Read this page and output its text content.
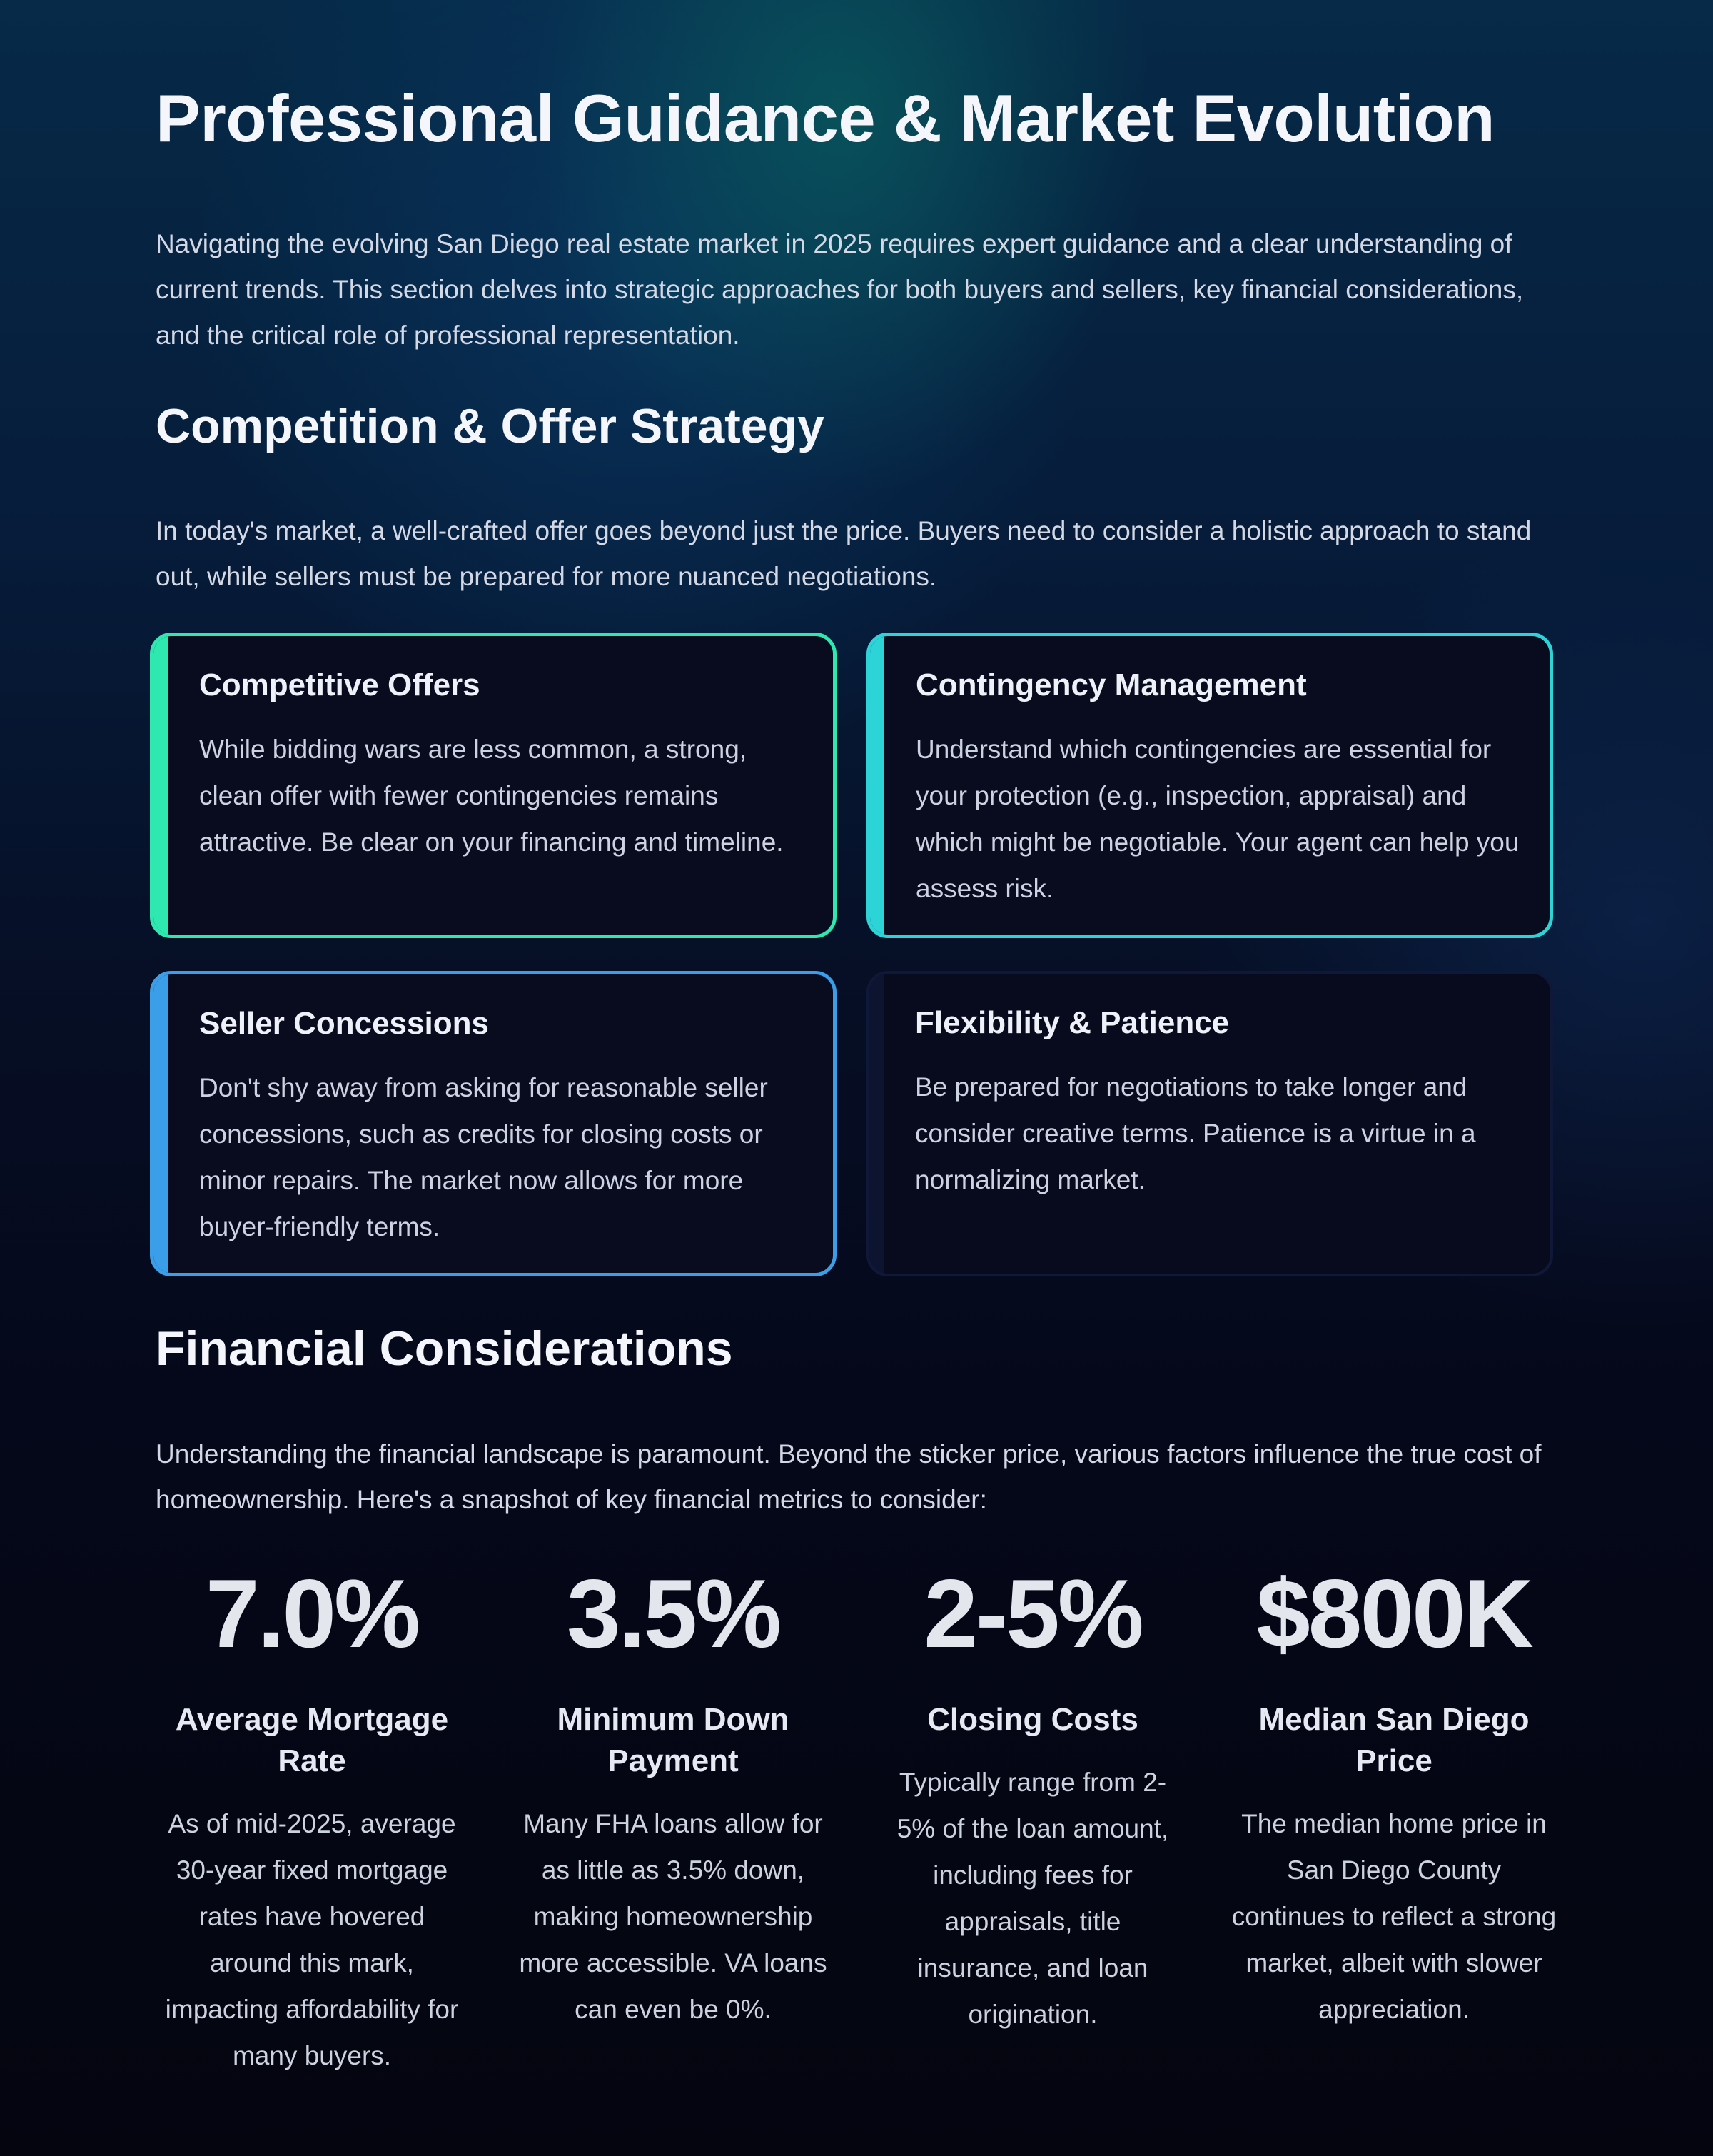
Professional Guidance & Market Evolution

Navigating the evolving San Diego real estate market in 2025 requires expert guidance and a clear understanding of current trends. This section delves into strategic approaches for both buyers and sellers, key financial considerations, and the critical role of professional representation.

Competition & Offer Strategy

In today's market, a well-crafted offer goes beyond just the price. Buyers need to consider a holistic approach to stand out, while sellers must be prepared for more nuanced negotiations.

Competitive Offers

While bidding wars are less common, a strong, clean offer with fewer contingencies remains attractive. Be clear on your financing and timeline.

Contingency Management

Understand which contingencies are essential for your protection (e.g., inspection, appraisal) and which might be negotiable. Your agent can help you assess risk.

Seller Concessions

Don't shy away from asking for reasonable seller concessions, such as credits for closing costs or minor repairs. The market now allows for more buyer-friendly terms.

Flexibility & Patience

Be prepared for negotiations to take longer and consider creative terms. Patience is a virtue in a normalizing market.

Financial Considerations

Understanding the financial landscape is paramount. Beyond the sticker price, various factors influence the true cost of homeownership. Here's a snapshot of key financial metrics to consider:

7.0%
Average Mortgage Rate
As of mid-2025, average 30-year fixed mortgage rates have hovered around this mark, impacting affordability for many buyers.
3.5%
Minimum Down Payment
Many FHA loans allow for as little as 3.5% down, making homeownership more accessible. VA loans can even be 0%.
2-5%
Closing Costs
Typically range from 2-5% of the loan amount, including fees for appraisals, title insurance, and loan origination.
$800K
Median San Diego Price
The median home price in San Diego County continues to reflect a strong market, albeit with slower appreciation.
